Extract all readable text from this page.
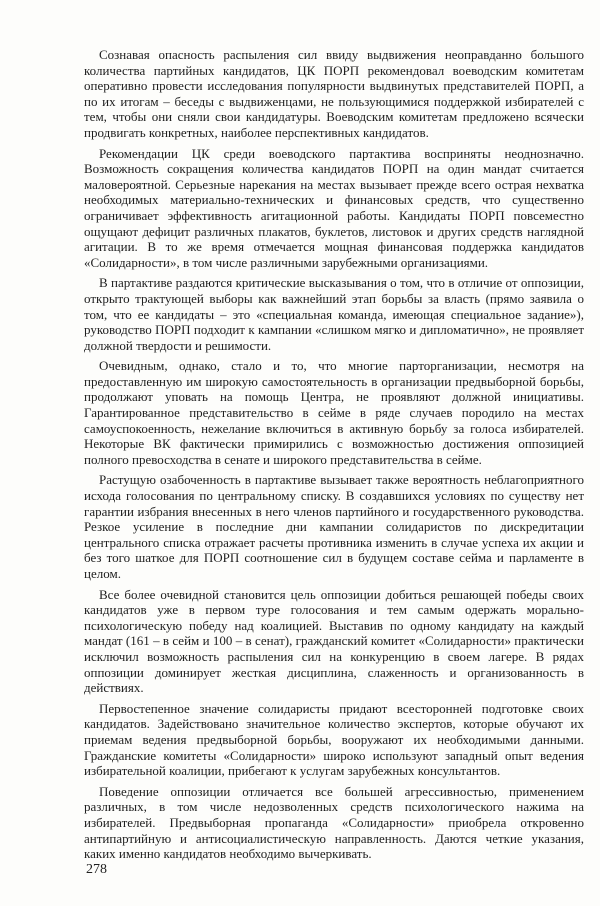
Сознавая опасность распыления сил ввиду выдвижения неоправданно большого количества партийных кандидатов, ЦК ПОРП рекомендовал воеводским комитетам оперативно провести исследования популярности выдвинутых представителей ПОРП, а по их итогам – беседы с выдвиженцами, не пользующимися поддержкой избирателей с тем, чтобы они сняли свои кандидатуры. Воеводским комитетам предложено всячески продвигать конкретных, наиболее перспективных кандидатов.

Рекомендации ЦК среди воеводского партактива восприняты неоднозначно. Возможность сокращения количества кандидатов ПОРП на один мандат считается маловероятной. Серьезные нарекания на местах вызывает прежде всего острая нехватка необходимых материально-технических и финансовых средств, что существенно ограничивает эффективность агитационной работы. Кандидаты ПОРП повсеместно ощущают дефицит различных плакатов, буклетов, листовок и других средств наглядной агитации. В то же время отмечается мощная финансовая поддержка кандидатов «Солидарности», в том числе различными зарубежными организациями.

В партактиве раздаются критические высказывания о том, что в отличие от оппозиции, открыто трактующей выборы как важнейший этап борьбы за власть (прямо заявила о том, что ее кандидаты – это «специальная команда, имеющая специальное задание»), руководство ПОРП подходит к кампании «слишком мягко и дипломатично», не проявляет должной твердости и решимости.

Очевидным, однако, стало и то, что многие парторганизации, несмотря на предоставленную им широкую самостоятельность в организации предвыборной борьбы, продолжают уповать на помощь Центра, не проявляют должной инициативы. Гарантированное представительство в сейме в ряде случаев породило на местах самоуспокоенность, нежелание включиться в активную борьбу за голоса избирателей. Некоторые ВК фактически примирились с возможностью достижения оппозицией полного превосходства в сенате и широкого представительства в сейме.

Растущую озабоченность в партактиве вызывает также вероятность неблагоприятного исхода голосования по центральному списку. В создавшихся условиях по существу нет гарантии избрания внесенных в него членов партийного и государственного руководства. Резкое усиление в последние дни кампании солидаристов по дискредитации центрального списка отражает расчеты противника изменить в случае успеха их акции и без того шаткое для ПОРП соотношение сил в будущем составе сейма и парламенте в целом.

Все более очевидной становится цель оппозиции добиться решающей победы своих кандидатов уже в первом туре голосования и тем самым одержать морально-психологическую победу над коалицией. Выставив по одному кандидату на каждый мандат (161 – в сейм и 100 – в сенат), гражданский комитет «Солидарности» практически исключил возможность распыления сил на конкуренцию в своем лагере. В рядах оппозиции доминирует жесткая дисциплина, слаженность и организованность в действиях.

Первостепенное значение солидаристы придают всесторонней подготовке своих кандидатов. Задействовано значительное количество экспертов, которые обучают их приемам ведения предвыборной борьбы, вооружают их необходимыми данными. Гражданские комитеты «Солидарности» широко используют западный опыт ведения избирательной коалиции, прибегают к услугам зарубежных консультантов.

Поведение оппозиции отличается все большей агрессивностью, применением различных, в том числе недозволенных средств психологического нажима на избирателей. Предвыборная пропаганда «Солидарности» приобрела откровенно антипартийную и антисоциалистическую направленность. Даются четкие указания, каких именно кандидатов необходимо вычеркивать.

278
